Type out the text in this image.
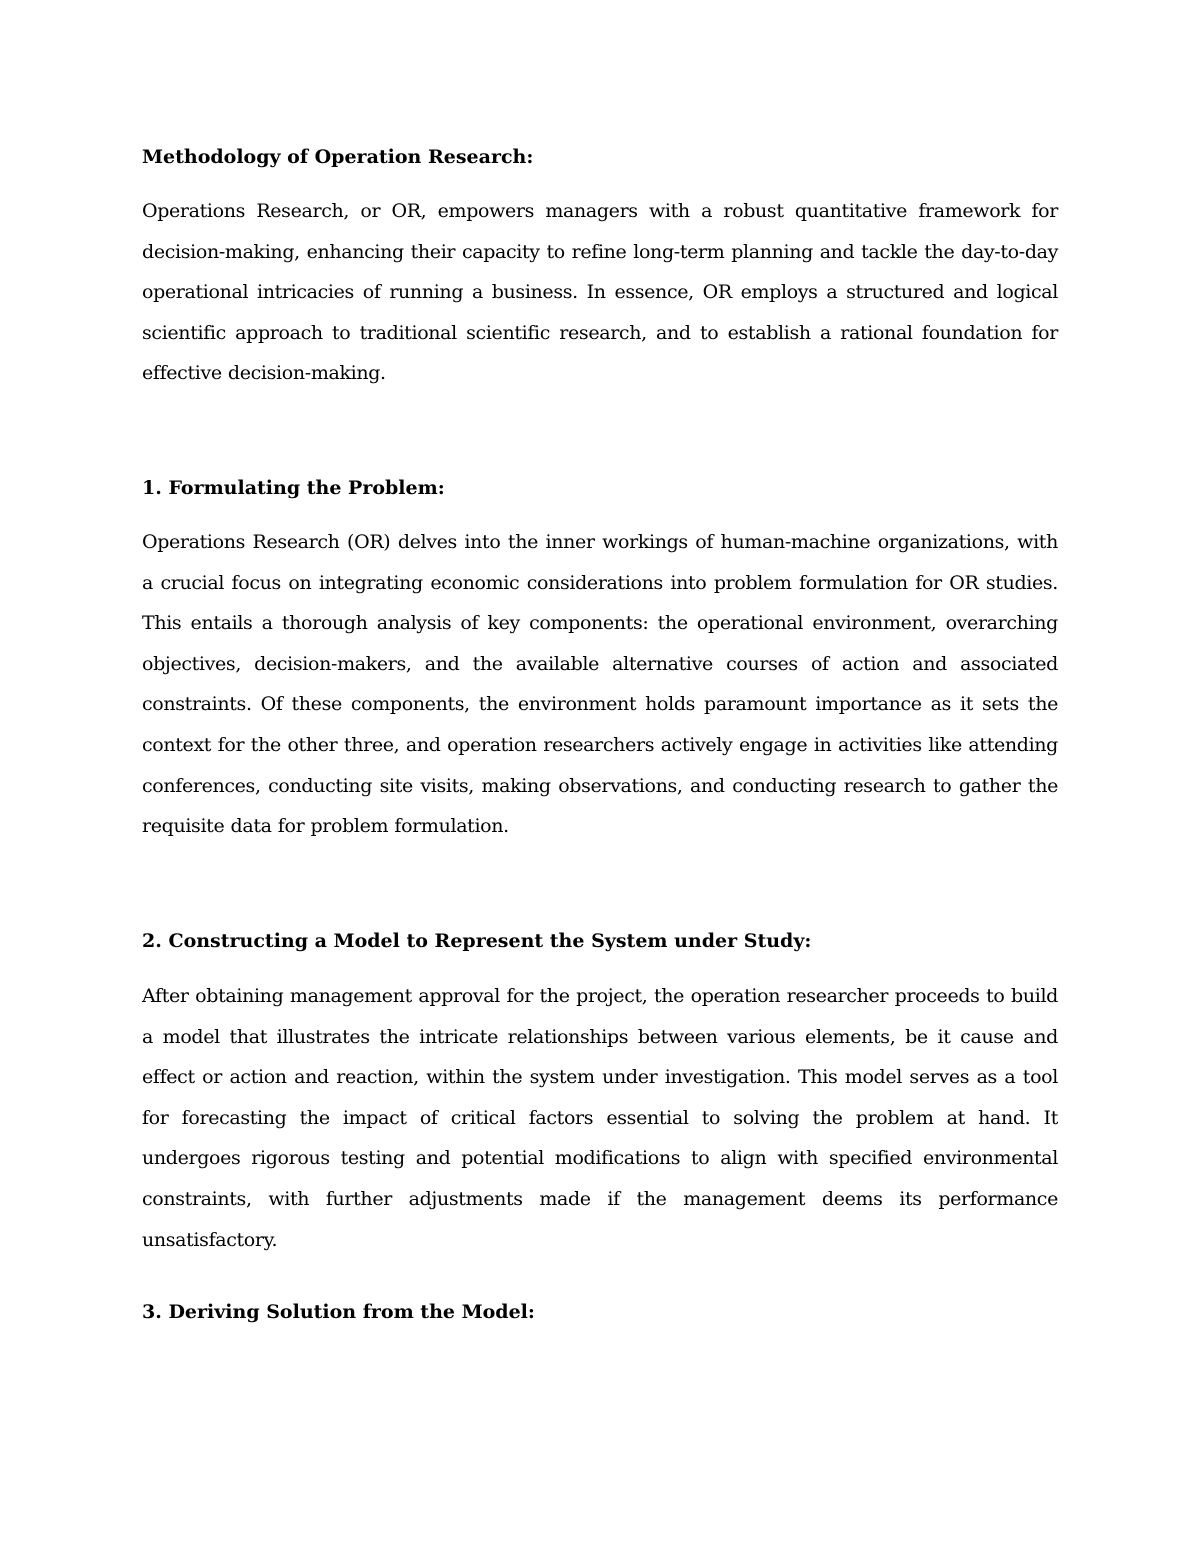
Methodology of Operation Research:

Operations Research, or OR, empowers managers with a robust quantitative framework for decision-making, enhancing their capacity to refine long-term planning and tackle the day-to-day operational intricacies of running a business. In essence, OR employs a structured and logical scientific approach to traditional scientific research, and to establish a rational foundation for effective decision-making.

1. Formulating the Problem:

Operations Research (OR) delves into the inner workings of human-machine organizations, with a crucial focus on integrating economic considerations into problem formulation for OR studies. This entails a thorough analysis of key components: the operational environment, overarching objectives, decision-makers, and the available alternative courses of action and associated constraints. Of these components, the environment holds paramount importance as it sets the context for the other three, and operation researchers actively engage in activities like attending conferences, conducting site visits, making observations, and conducting research to gather the requisite data for problem formulation.

2. Constructing a Model to Represent the System under Study:

After obtaining management approval for the project, the operation researcher proceeds to build a model that illustrates the intricate relationships between various elements, be it cause and effect or action and reaction, within the system under investigation. This model serves as a tool for forecasting the impact of critical factors essential to solving the problem at hand. It undergoes rigorous testing and potential modifications to align with specified environmental constraints, with further adjustments made if the management deems its performance unsatisfactory.

3. Deriving Solution from the Model:
